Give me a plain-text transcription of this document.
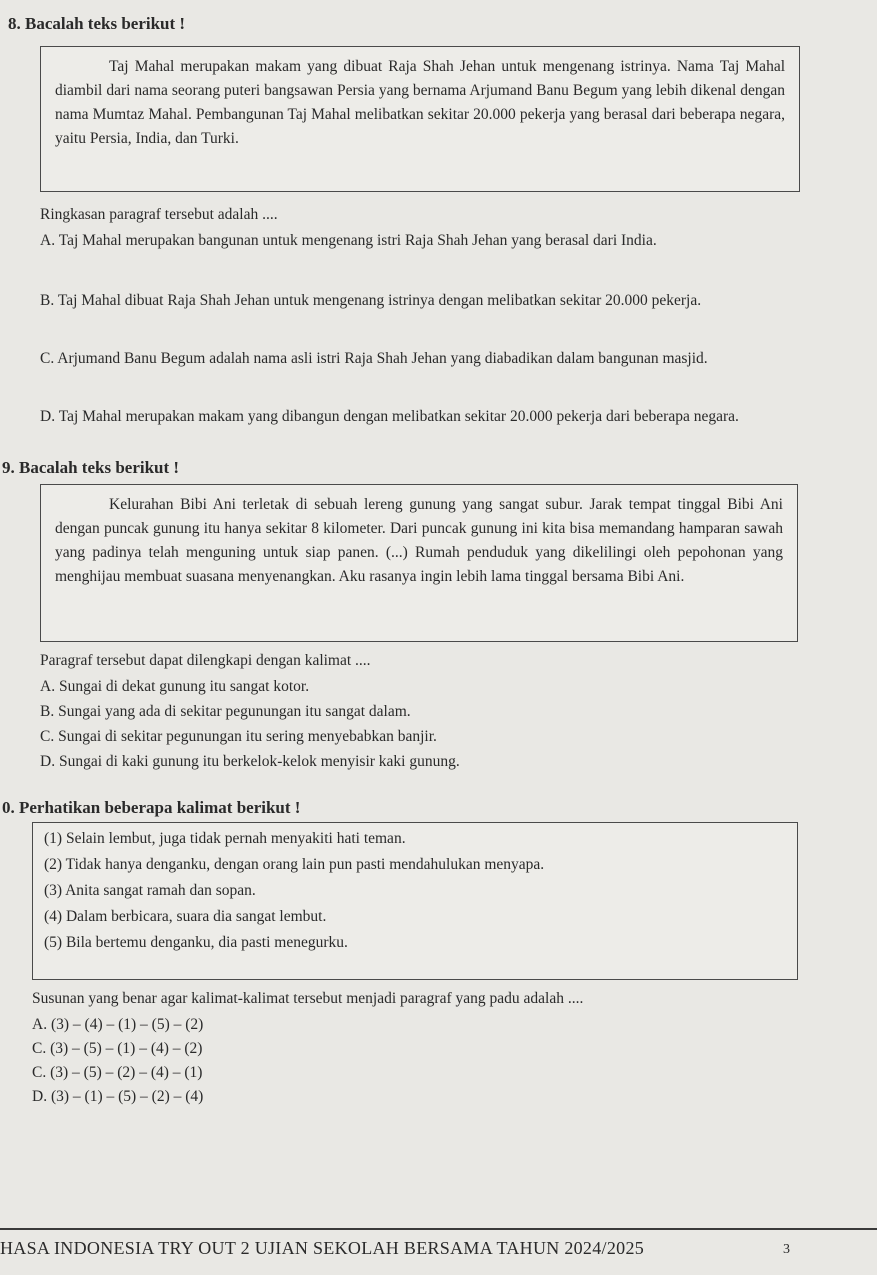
8. Bacalah teks berikut !
Taj Mahal merupakan makam yang dibuat Raja Shah Jehan untuk mengenang istrinya. Nama Taj Mahal diambil dari nama seorang puteri bangsawan Persia yang bernama Arjumand Banu Begum yang lebih dikenal dengan nama Mumtaz Mahal. Pembangunan Taj Mahal melibatkan sekitar 20.000 pekerja yang berasal dari beberapa negara, yaitu Persia, India, dan Turki.
Ringkasan paragraf tersebut adalah ....
A. Taj Mahal merupakan bangunan untuk mengenang istri Raja Shah Jehan yang berasal dari India.
B. Taj Mahal dibuat Raja Shah Jehan untuk mengenang istrinya dengan melibatkan sekitar 20.000 pekerja.
C. Arjumand Banu Begum adalah nama asli istri Raja Shah Jehan yang diabadikan dalam bangunan masjid.
D. Taj Mahal merupakan makam yang dibangun dengan melibatkan sekitar 20.000 pekerja dari beberapa negara.
9. Bacalah teks berikut !
Kelurahan Bibi Ani terletak di sebuah lereng gunung yang sangat subur. Jarak tempat tinggal Bibi Ani dengan puncak gunung itu hanya sekitar 8 kilometer. Dari puncak gunung ini kita bisa memandang hamparan sawah yang padinya telah menguning untuk siap panen. (...) Rumah penduduk yang dikelilingi oleh pepohonan yang menghijau membuat suasana menyenangkan. Aku rasanya ingin lebih lama tinggal bersama Bibi Ani.
Paragraf tersebut dapat dilengkapi dengan kalimat ....
A. Sungai di dekat gunung itu sangat kotor.
B. Sungai yang ada di sekitar pegunungan itu sangat dalam.
C. Sungai di sekitar pegunungan itu sering menyebabkan banjir.
D. Sungai di kaki gunung itu berkelok-kelok menyisir kaki gunung.
0. Perhatikan beberapa kalimat berikut !
(1) Selain lembut, juga tidak pernah menyakiti hati teman.
(2) Tidak hanya denganku, dengan orang lain pun pasti mendahulukan menyapa.
(3) Anita sangat ramah dan sopan.
(4) Dalam berbicara, suara dia sangat lembut.
(5) Bila bertemu denganku, dia pasti menegurku.
Susunan yang benar agar kalimat-kalimat tersebut menjadi paragraf yang padu adalah ....
A. (3) – (4) – (1) – (5) – (2)
C. (3) – (5) – (1) – (4) – (2)
C. (3) – (5) – (2) – (4) – (1)
D. (3) – (1) – (5) – (2) – (4)
HASA INDONESIA TRY OUT 2 UJIAN SEKOLAH BERSAMA TAHUN 2024/2025	3
